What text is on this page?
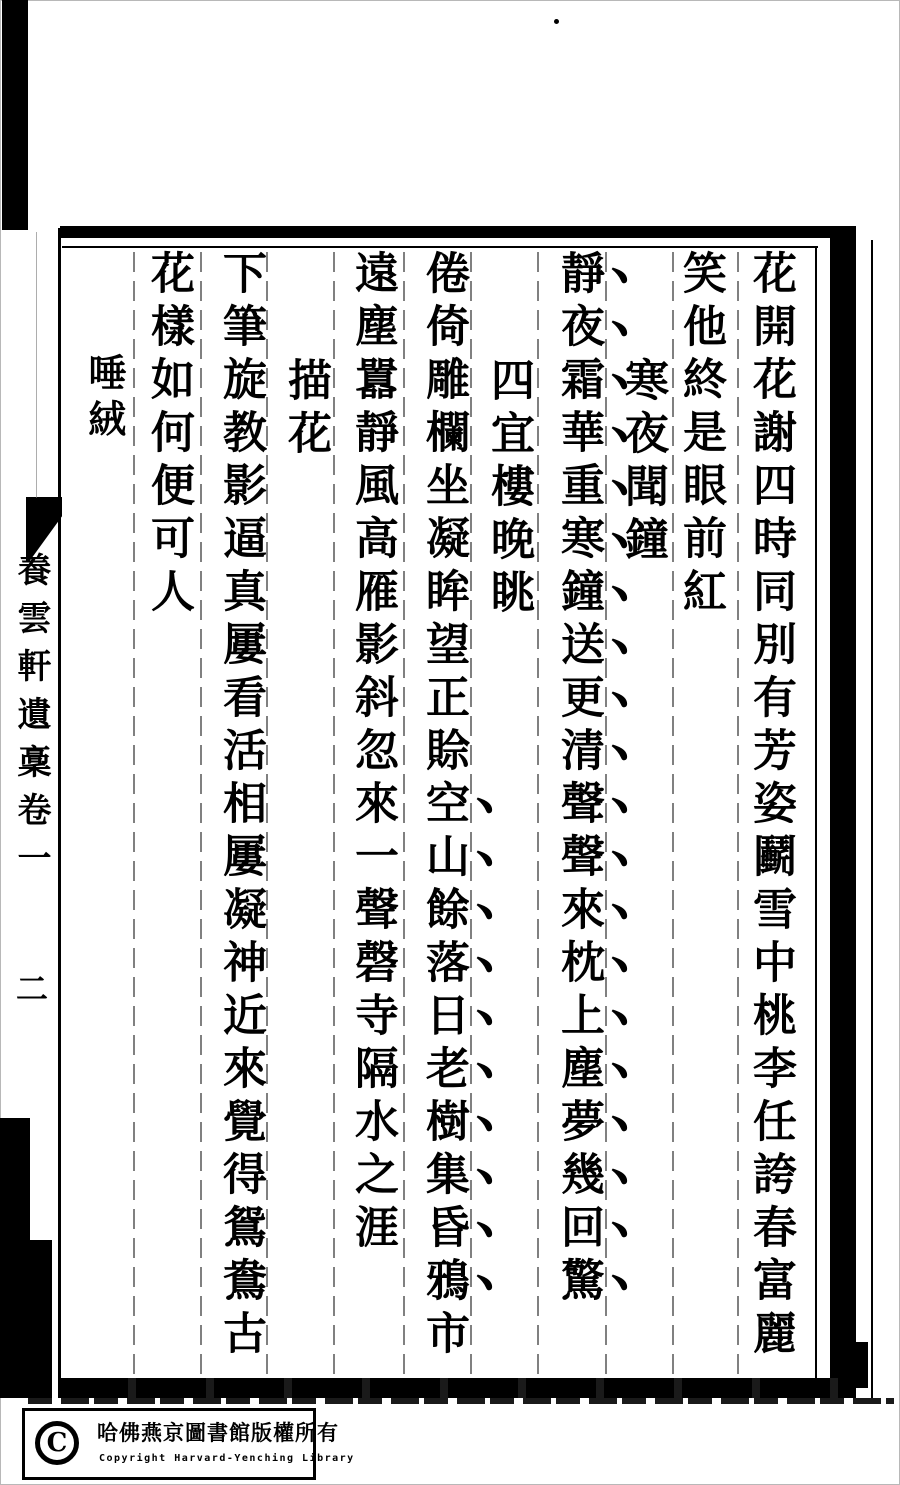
養雲軒遺稾卷一
二	花開花謝四時同別有芳姿鬬雪中桃李任誇春富麗
笑他終是眼前紅
寒夜聞鐘
靜夜霜華重寒鐘送更清聲聲來枕上塵夢幾回驚
四宜樓晚眺
倦倚雕欄坐凝眸望正賒空山餘落日老樹集昏鴉市
遠塵囂靜風高雁影斜忽來一聲磬寺隔水之涯
描花
下筆旋教影逼真屢看活相屢凝神近來覺得鴛鴦古
花樣如何便可人
唾絨
C 哈佛燕京圖書館版權所有
Copyright Harvard-Yenching Library
